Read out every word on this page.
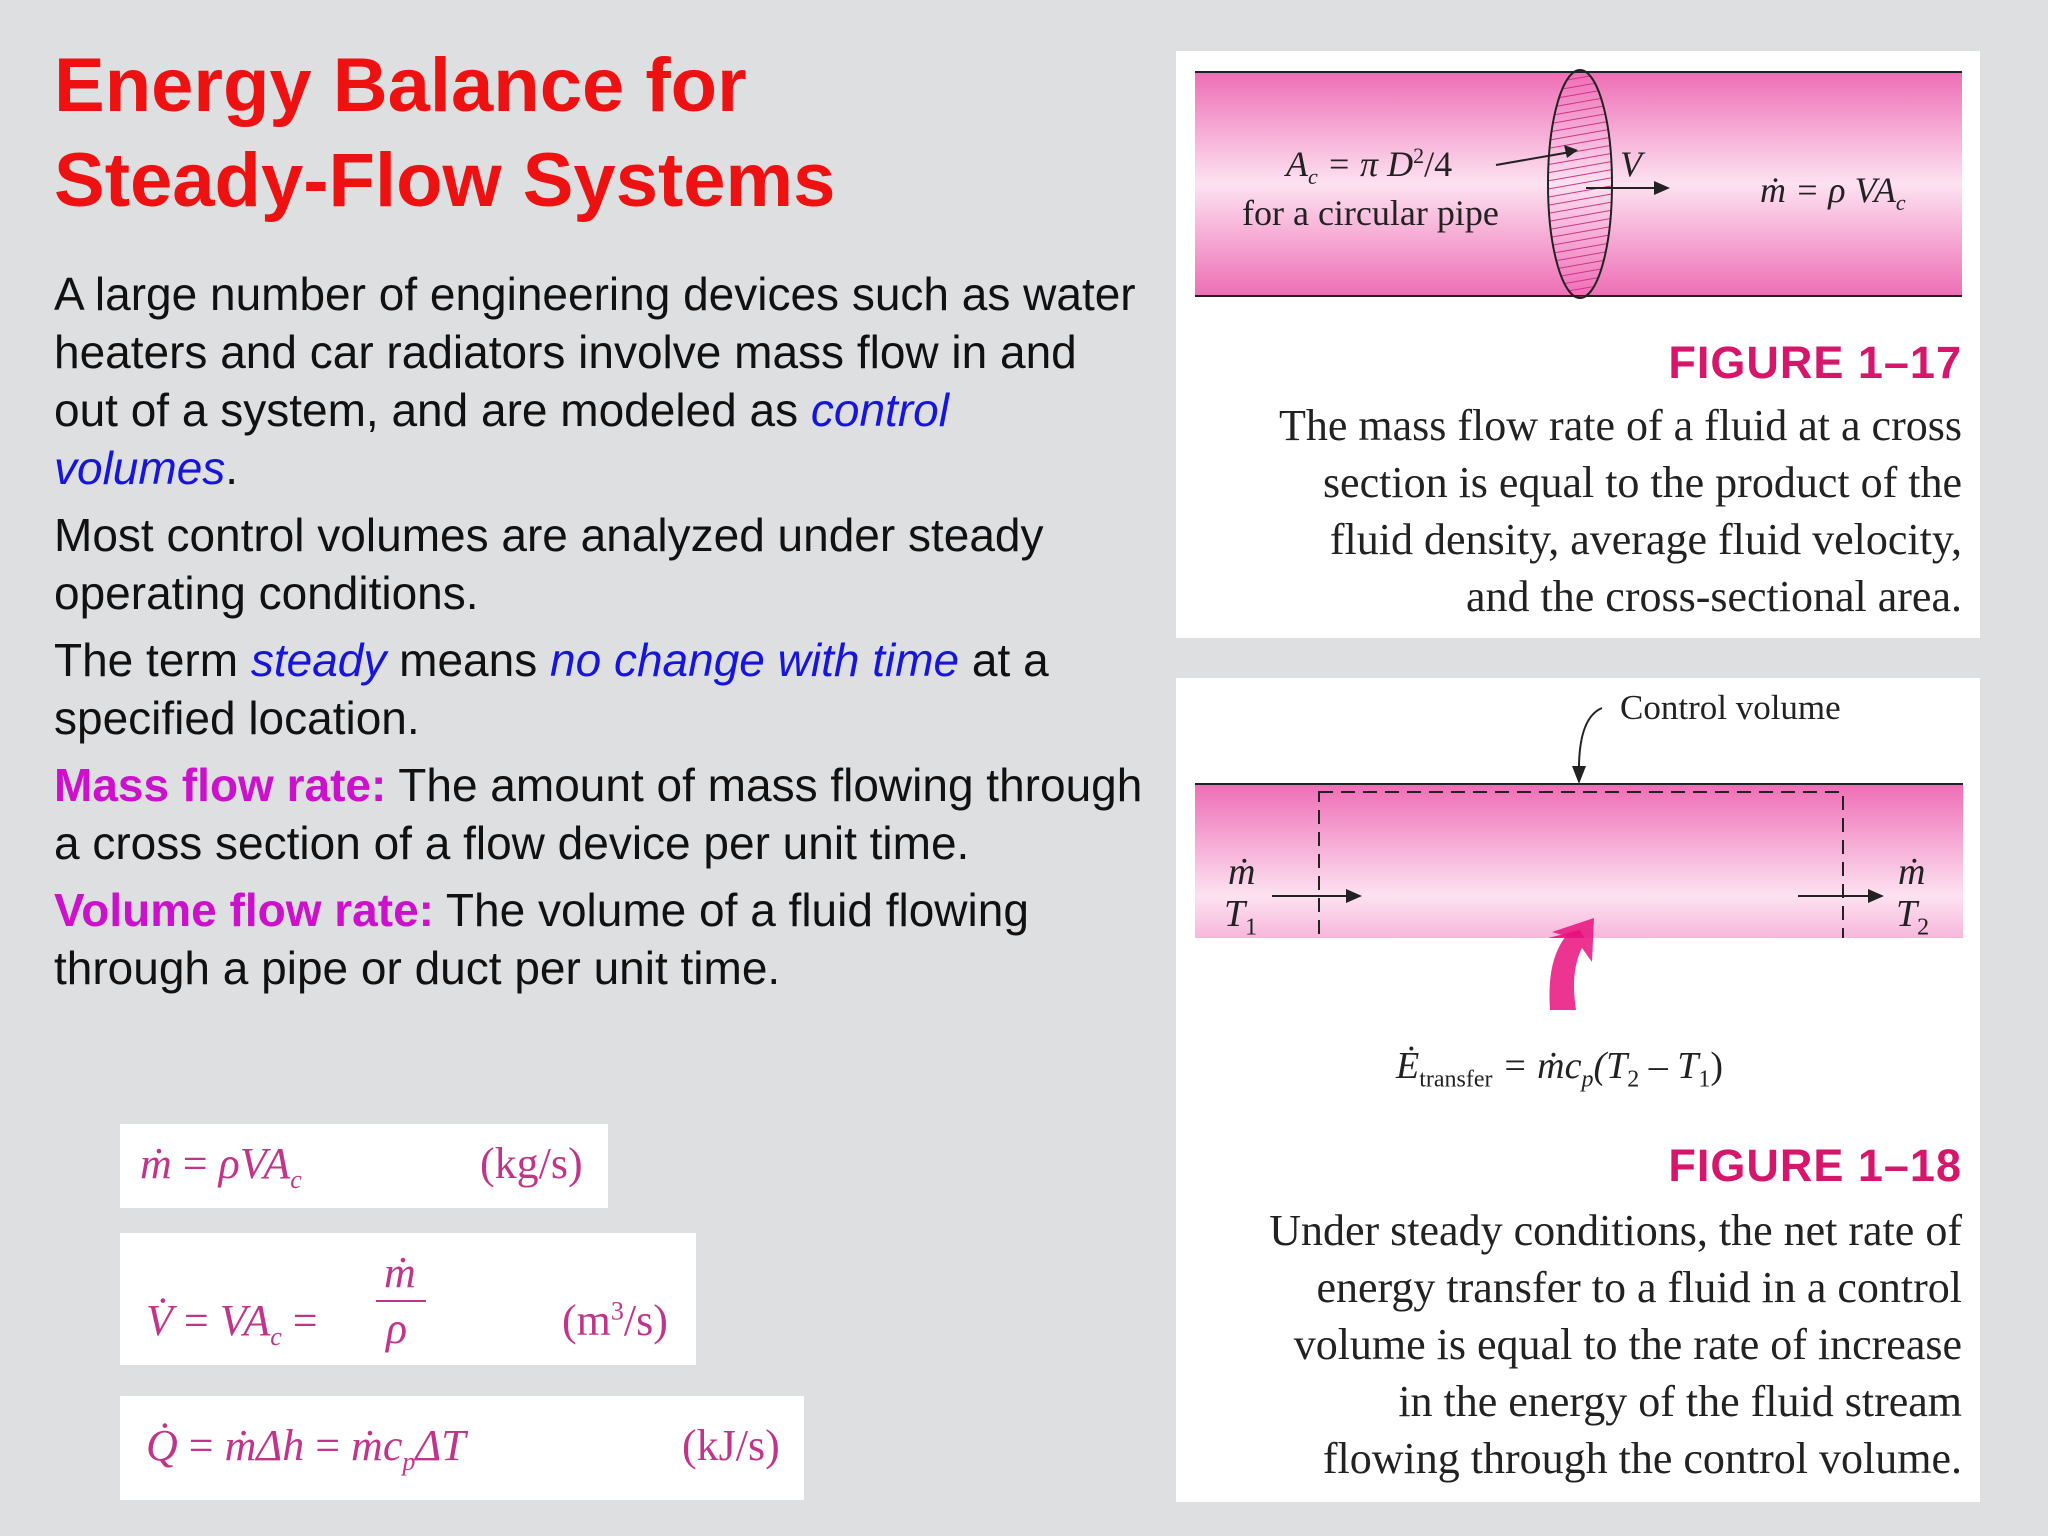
Energy Balance for
Steady-Flow Systems

A large number of engineering devices such as water heaters and car radiators involve mass flow in and out of a system, and are modeled as control volumes.

Most control volumes are analyzed under steady operating conditions.

The term steady means no change with time at a specified location.

Mass flow rate: The amount of mass flowing through a cross section of a flow device per unit time.

Volume flow rate: The volume of a fluid flowing through a pipe or duct per unit time.

ṁ = ρVA$_c$	(kg/s)
V̇ = $VA_c$ =
ṁ
ρ	$(m^3/s)$
Q̇ = ṁΔh = ṁc$_p$ΔT	(kJ/s)
$A_c = \pi$ $D^2/4$
for a circular pipe
V
ṁ = ρ $VA_c$
FIGURE 1–17
The mass flow rate of a fluid at a cross
section is equal to the product of the
fluid density, average fluid velocity,
and the cross-sectional area.
Control volume
ṁ
$T_1$
ṁ
$T_2$
$Ė_{transfer}$ = $ṁc_p(T_2 - T_1)$
FIGURE 1–18
Under steady conditions, the net rate of
energy transfer to a fluid in a control
volume is equal to the rate of increase
in the energy of the fluid stream
flowing through the control volume.
